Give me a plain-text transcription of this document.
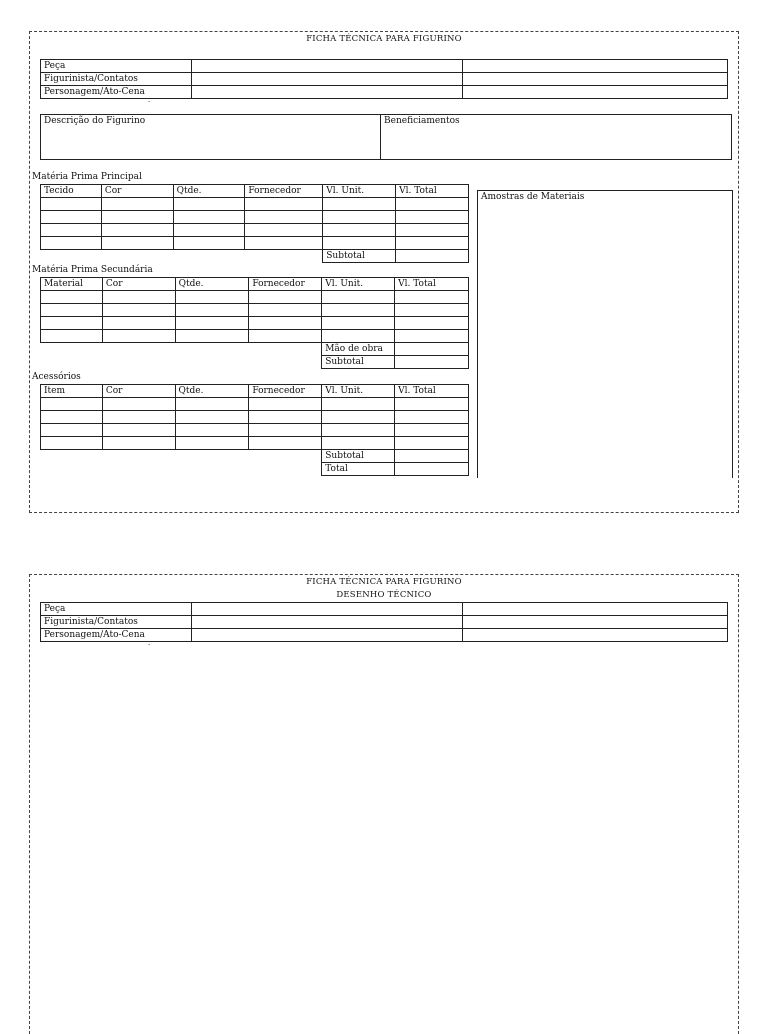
FICHA TÉCNICA PARA FIGURINO
Peça		
Figurinista/Contatos		
Personagem/Ato-Cena		
.
Descrição do Figurino	Beneficiamentos
Matéria Prima Principal
Tecido	Cor	Qtde.	Fornecedor	Vl. Unit.	Vl. Total

				Subtotal	
Matéria Prima Secundária
Material	Cor	Qtde.	Fornecedor	Vl. Unit.	Vl. Total

				Mão de obra	
				Subtotal	
Acessórios
Item	Cor	Qtde.	Fornecedor	Vl. Unit.	Vl. Total

				Subtotal	
				Total	
Amostras de Materiais
FICHA TÉCNICA PARA FIGURINO
DESENHO TÉCNICO
Peça		
Figurinista/Contatos		
Personagem/Ato-Cena		
.
